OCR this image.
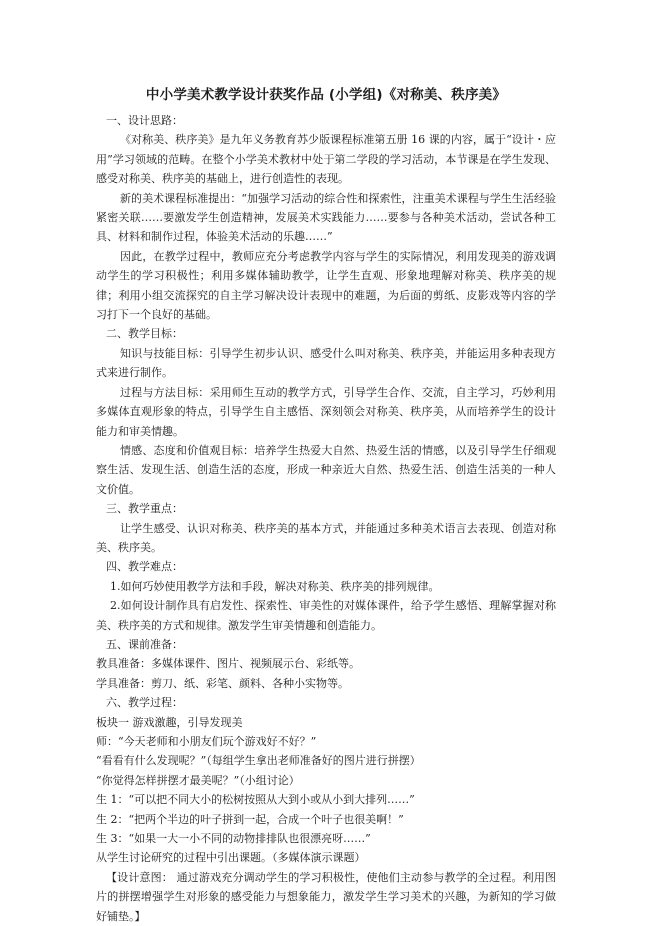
中小学美术教学设计获奖作品 (小学组)《对称美、秩序美》

一、设计思路：

《对称美、秩序美》是九年义务教育苏少版课程标准第五册 16 课的内容，属于“设计・应用”学习领域的范畴。在整个小学美术教材中处于第二学段的学习活动，本节课是在学生发现、感受对称美、秩序美的基础上，进行创造性的表现。

新的美术课程标准提出：“加强学习活动的综合性和探索性，注重美术课程与学生生活经验紧密关联……要激发学生创造精神，发展美术实践能力……要参与各种美术活动，尝试各种工具、材料和制作过程，体验美术活动的乐趣……”

因此，在教学过程中，教师应充分考虑教学内容与学生的实际情况，利用发现美的游戏调动学生的学习积极性；利用多媒体辅助教学，让学生直观、形象地理解对称美、秩序美的规律；利用小组交流探究的自主学习解决设计表现中的难题，为后面的剪纸、皮影戏等内容的学习打下一个良好的基础。

二、教学目标：

知识与技能目标：引导学生初步认识、感受什么叫对称美、秩序美，并能运用多种表现方式来进行制作。

过程与方法目标：采用师生互动的教学方式，引导学生合作、交流，自主学习，巧妙利用多媒体直观形象的特点，引导学生自主感悟、深刻领会对称美、秩序美，从而培养学生的设计能力和审美情趣。

情感、态度和价值观目标：培养学生热爱大自然、热爱生活的情感，以及引导学生仔细观察生活、发现生活、创造生活的态度，形成一种亲近大自然、热爱生活、创造生活美的一种人文价值。

三、教学重点：

让学生感受、认识对称美、秩序美的基本方式，并能通过多种美术语言去表现、创造对称美、秩序美。

四、教学难点：

1.如何巧妙使用教学方法和手段，解决对称美、秩序美的排列规律。

2.如何设计制作具有启发性、探索性、审美性的对媒体课件，给予学生感悟、理解掌握对称美、秩序美的方式和规律。激发学生审美情趣和创造能力。

五、课前准备：

教具准备：多媒体课件、图片、视频展示台、彩纸等。

学具准备：剪刀、纸、彩笔、颜料、各种小实物等。

六、教学过程：

板块一 游戏激趣，引导发现美

师：“今天老师和小朋友们玩个游戏好不好？”

“看看有什么发现呢？”（每组学生拿出老师准备好的图片进行拼摆）

“你觉得怎样拼摆才最美呢？”（小组讨论）

生 1：“可以把不同大小的松树按照从大到小或从小到大排列……”

生 2：“把两个半边的叶子拼到一起，合成一个叶子也很美啊！”

生 3：“如果一大一小不同的动物排排队也很漂亮呀……”

从学生讨论研究的过程中引出课题。（多媒体演示课题）

【设计意图： 通过游戏充分调动学生的学习积极性，使他们主动参与教学的全过程。利用图片的拼摆增强学生对形象的感受能力与想象能力，激发学生学习美术的兴趣，为新知的学习做好铺垫。】
